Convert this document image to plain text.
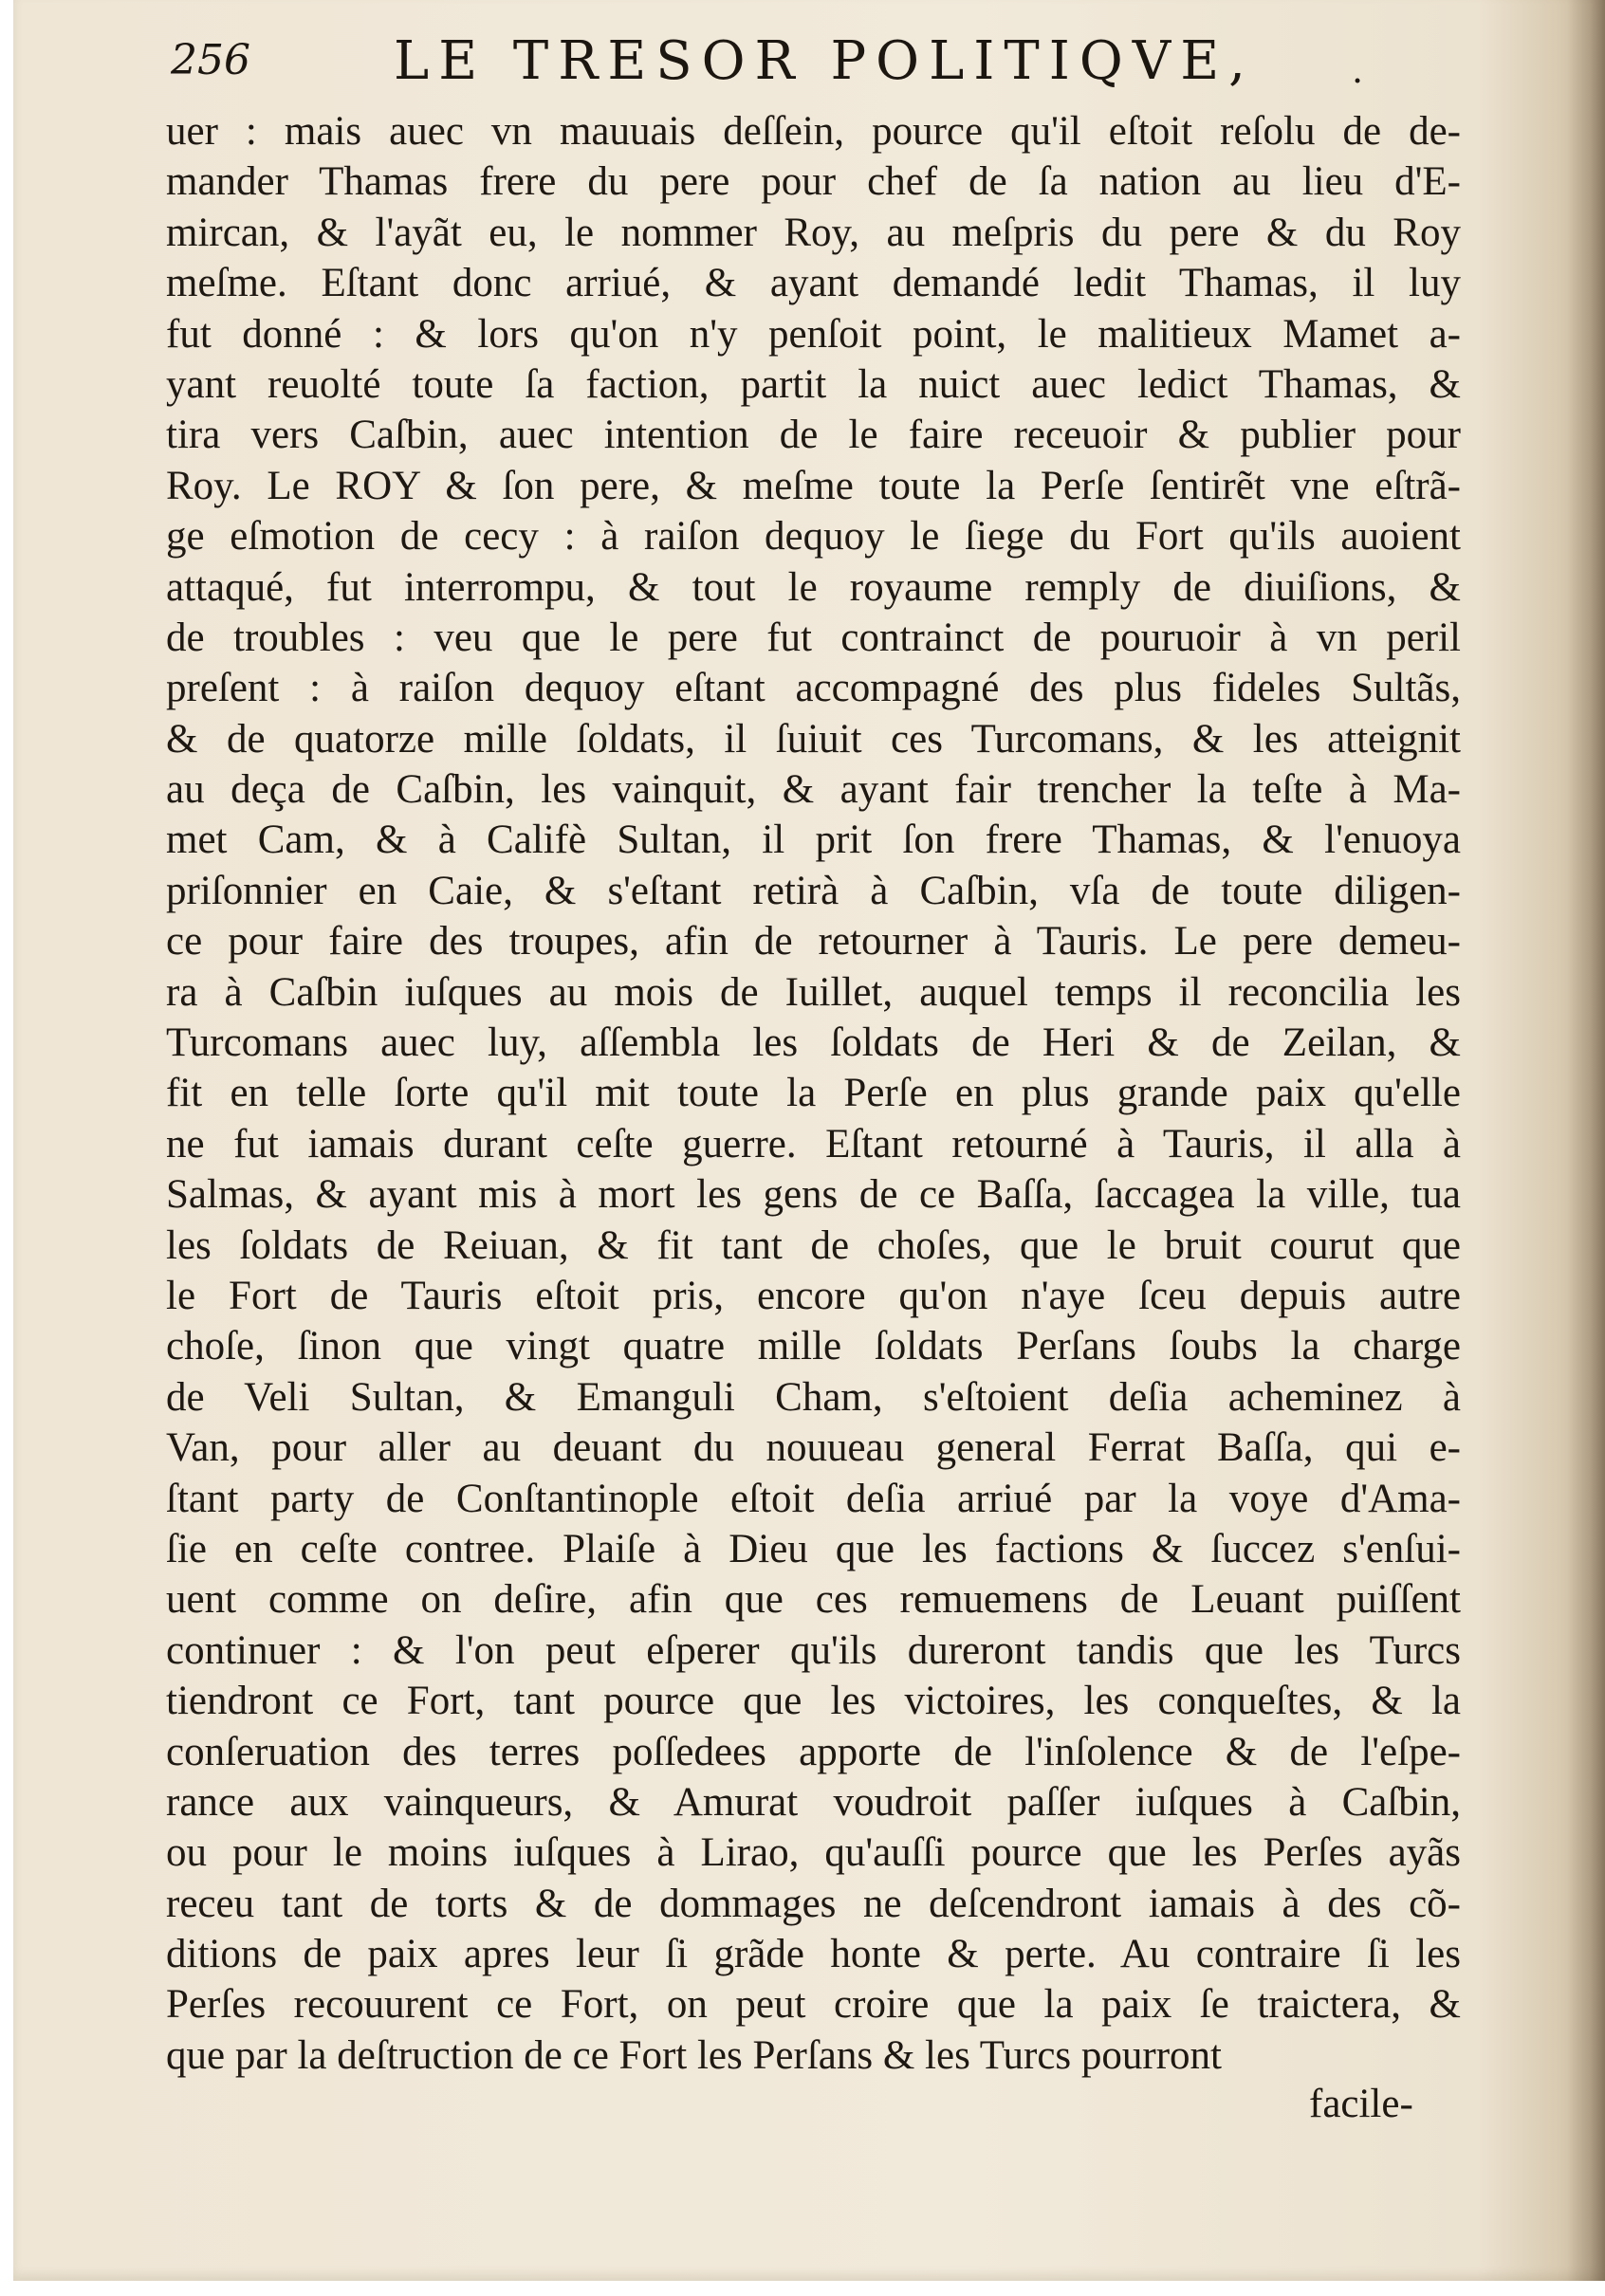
256	LE TRESOR POLITIQVE,	.
uer : mais auec vn mauuais deſſein, pource qu'il eſtoit reſolu de de-
mander Thamas frere du pere pour chef de ſa nation au lieu d'E-
mircan, & l'ayãt eu, le nommer Roy, au meſpris du pere & du Roy
meſme. Eſtant donc arriué, & ayant demandé ledit Thamas, il luy
fut donné : & lors qu'on n'y penſoit point, le malitieux Mamet a-
yant reuolté toute ſa faction, partit la nuict auec ledict Thamas, &
tira vers Caſbin, auec intention de le faire receuoir & publier pour
Roy. Le ROY & ſon pere, & meſme toute la Perſe ſentirẽt vne eſtrã-
ge eſmotion de cecy : à raiſon dequoy le ſiege du Fort qu'ils auoient
attaqué, fut interrompu, & tout le royaume remply de diuiſions, &
de troubles : veu que le pere fut contrainct de pouruoir à vn peril
preſent : à raiſon dequoy eſtant accompagné des plus fideles Sultãs,
& de quatorze mille ſoldats, il ſuiuit ces Turcomans, & les atteignit
au deça de Caſbin, les vainquit, & ayant fair trencher la teſte à Ma-
met Cam, & à Califè Sultan, il prit ſon frere Thamas, & l'enuoya
priſonnier en Caie, & s'eſtant retirà à Caſbin, vſa de toute diligen-
ce pour faire des troupes, afin de retourner à Tauris. Le pere demeu-
ra à Caſbin iuſques au mois de Iuillet, auquel temps il reconcilia les
Turcomans auec luy, aſſembla les ſoldats de Heri & de Zeilan, &
fit en telle ſorte qu'il mit toute la Perſe en plus grande paix qu'elle
ne fut iamais durant ceſte guerre. Eſtant retourné à Tauris, il alla à
Salmas, & ayant mis à mort les gens de ce Baſſa, ſaccagea la ville, tua
les ſoldats de Reiuan, & fit tant de choſes, que le bruit courut que
le Fort de Tauris eſtoit pris, encore qu'on n'aye ſceu depuis autre
choſe, ſinon que vingt quatre mille ſoldats Perſans ſoubs la charge
de Veli Sultan, & Emanguli Cham, s'eſtoient deſia acheminez à
Van, pour aller au deuant du nouueau general Ferrat Baſſa, qui e-
ſtant party de Conſtantinople eſtoit deſia arriué par la voye d'Ama-
ſie en ceſte contree. Plaiſe à Dieu que les factions & ſuccez s'enſui-
uent comme on deſire, afin que ces remuemens de Leuant puiſſent
continuer : & l'on peut eſperer qu'ils dureront tandis que les Turcs
tiendront ce Fort, tant pource que les victoires, les conqueſtes, & la
conſeruation des terres poſſedees apporte de l'inſolence & de l'eſpe-
rance aux vainqueurs, & Amurat voudroit paſſer iuſques à Caſbin,
ou pour le moins iuſques à Lirao, qu'auſſi pource que les Perſes ayãs
receu tant de torts & de dommages ne deſcendront iamais à des cõ-
ditions de paix apres leur ſi grãde honte & perte. Au contraire ſi les
Perſes recouurent ce Fort, on peut croire que la paix ſe traictera, &
que par la deſtruction de ce Fort les Perſans & les Turcs pourront
facile-
